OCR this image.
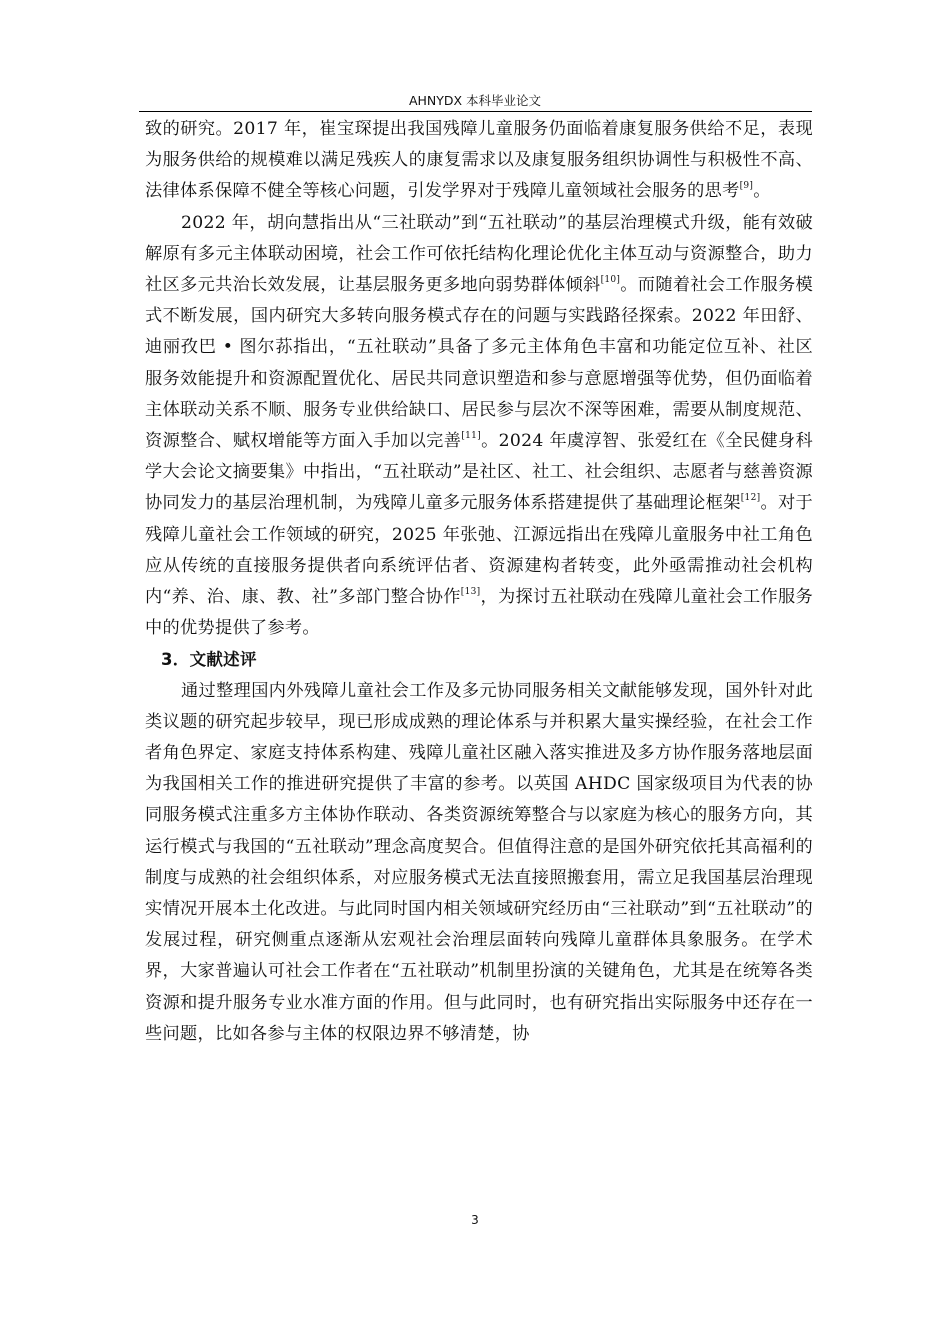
AHNYDX 本科毕业论文

致的研究。2017 年，崔宝琛提出我国残障儿童服务仍面临着康复服务供给不足，表现为服务供给的规模难以满足残疾人的康复需求以及康复服务组织协调性与积极性不高、法律体系保障不健全等核心问题，引发学界对于残障儿童领域社会服务的思考[9]。

2022 年，胡向慧指出从“三社联动”到“五社联动”的基层治理模式升级，能有效破解原有多元主体联动困境，社会工作可依托结构化理论优化主体互动与资源整合，助力社区多元共治长效发展，让基层服务更多地向弱势群体倾斜[10]。而随着社会工作服务模式不断发展，国内研究大多转向服务模式存在的问题与实践路径探索。2022 年田舒、迪丽孜巴 • 图尔荪指出，“五社联动”具备了多元主体角色丰富和功能定位互补、社区服务效能提升和资源配置优化、居民共同意识塑造和参与意愿增强等优势，但仍面临着主体联动关系不顺、服务专业供给缺口、居民参与层次不深等困难，需要从制度规范、资源整合、赋权增能等方面入手加以完善[11]。2024 年虞淳智、张爱红在《全民健身科学大会论文摘要集》中指出，“五社联动”是社区、社工、社会组织、志愿者与慈善资源协同发力的基层治理机制，为残障儿童多元服务体系搭建提供了基础理论框架[12]。对于残障儿童社会工作领域的研究，2025 年张弛、江源远指出在残障儿童服务中社工角色应从传统的直接服务提供者向系统评估者、资源建构者转变，此外亟需推动社会机构内“养、治、康、教、社”多部门整合协作[13]，为探讨五社联动在残障儿童社会工作服务中的优势提供了参考。

3．文献述评

通过整理国内外残障儿童社会工作及多元协同服务相关文献能够发现，国外针对此类议题的研究起步较早，现已形成成熟的理论体系与并积累大量实操经验，在社会工作者角色界定、家庭支持体系构建、残障儿童社区融入落实推进及多方协作服务落地层面为我国相关工作的推进研究提供了丰富的参考。以英国 AHDC 国家级项目为代表的协同服务模式注重多方主体协作联动、各类资源统筹整合与以家庭为核心的服务方向，其运行模式与我国的“五社联动”理念高度契合。但值得注意的是国外研究依托其高福利的制度与成熟的社会组织体系，对应服务模式无法直接照搬套用，需立足我国基层治理现实情况开展本土化改进。与此同时国内相关领域研究经历由“三社联动”到“五社联动”的发展过程，研究侧重点逐渐从宏观社会治理层面转向残障儿童群体具象服务。在学术界，大家普遍认可社会工作者在“五社联动”机制里扮演的关键角色，尤其是在统筹各类资源和提升服务专业水准方面的作用。但与此同时，也有研究指出实际服务中还存在一些问题，比如各参与主体的权限边界不够清楚，协

3
